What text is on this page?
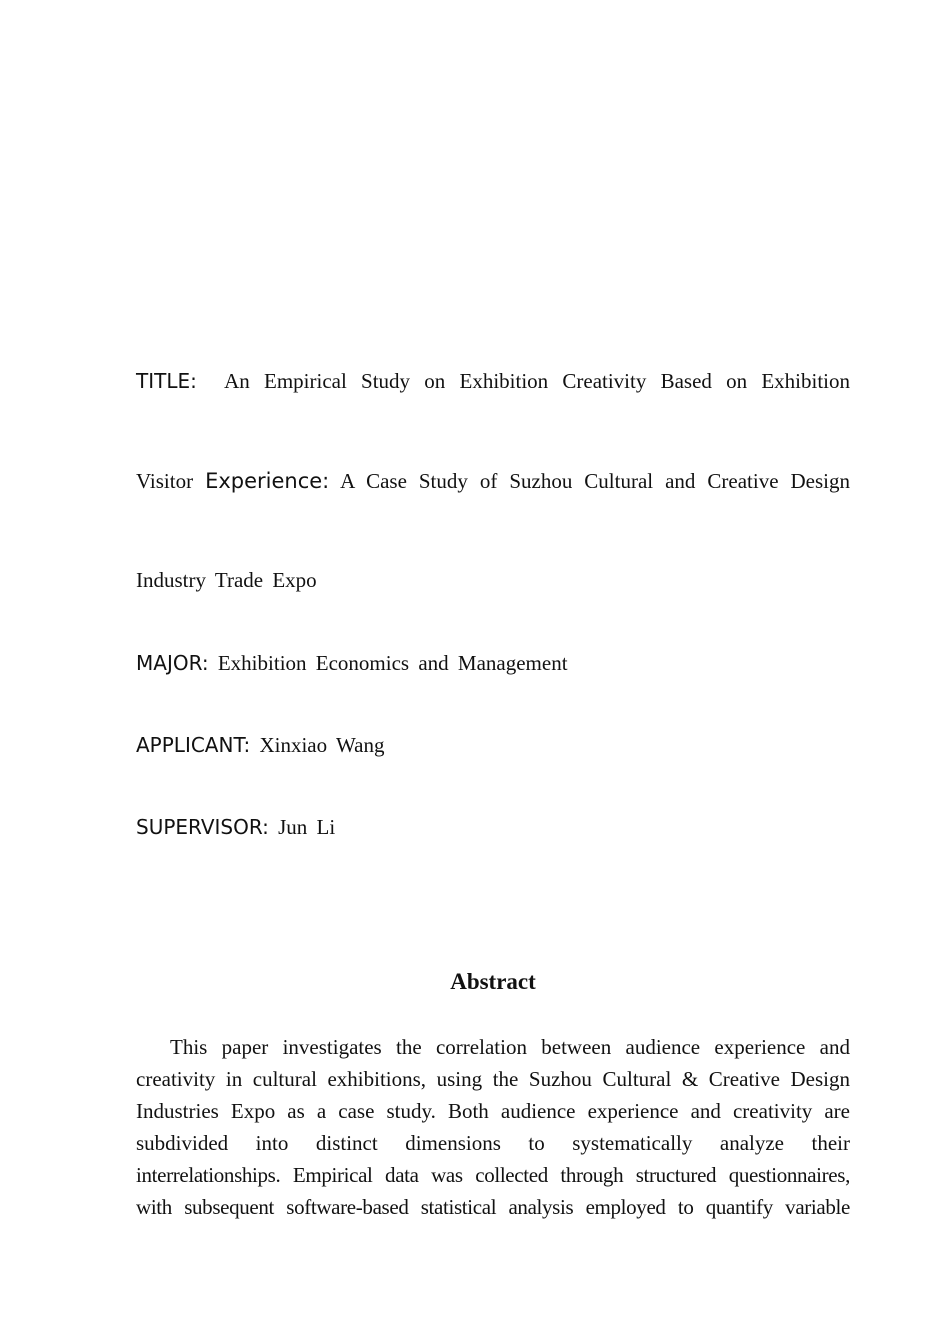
TITLE: An Empirical Study on Exhibition Creativity Based on Exhibition
Visitor Experience: A Case Study of Suzhou Cultural and Creative Design
Industry Trade Expo
MAJOR: Exhibition Economics and Management
APPLICANT: Xinxiao Wang
SUPERVISOR: Jun Li
Abstract
This paper investigates the correlation between audience experience and
creativity in cultural exhibitions, using the Suzhou Cultural & Creative Design
Industries Expo as a case study. Both audience experience and creativity are
subdivided into distinct dimensions to systematically analyze their
interrelationships. Empirical data was collected through structured questionnaires,
with subsequent software-based statistical analysis employed to quantify variable
